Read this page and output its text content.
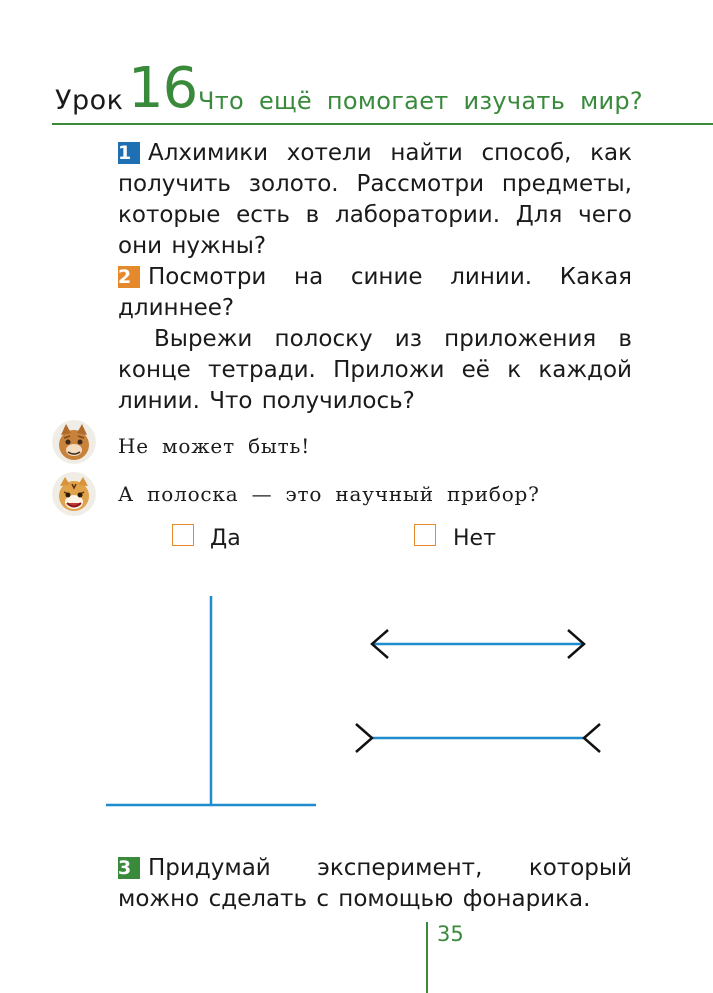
Урок 16 Что ещё помогает изучать мир?

1 Алхимики хотели найти способ, как получить золото. Рассмотри предметы, которые есть в лаборатории. Для чего они нужны?

2 Посмотри на синие линии. Какая длиннее?

Вырежи полоску из приложения в конце тетради. Приложи её к каждой линии. Что получилось?

Не может быть!
А полоска — это научный прибор?
Да	Нет

3 Придумай эксперимент, который можно сделать с помощью фонарика.

35
